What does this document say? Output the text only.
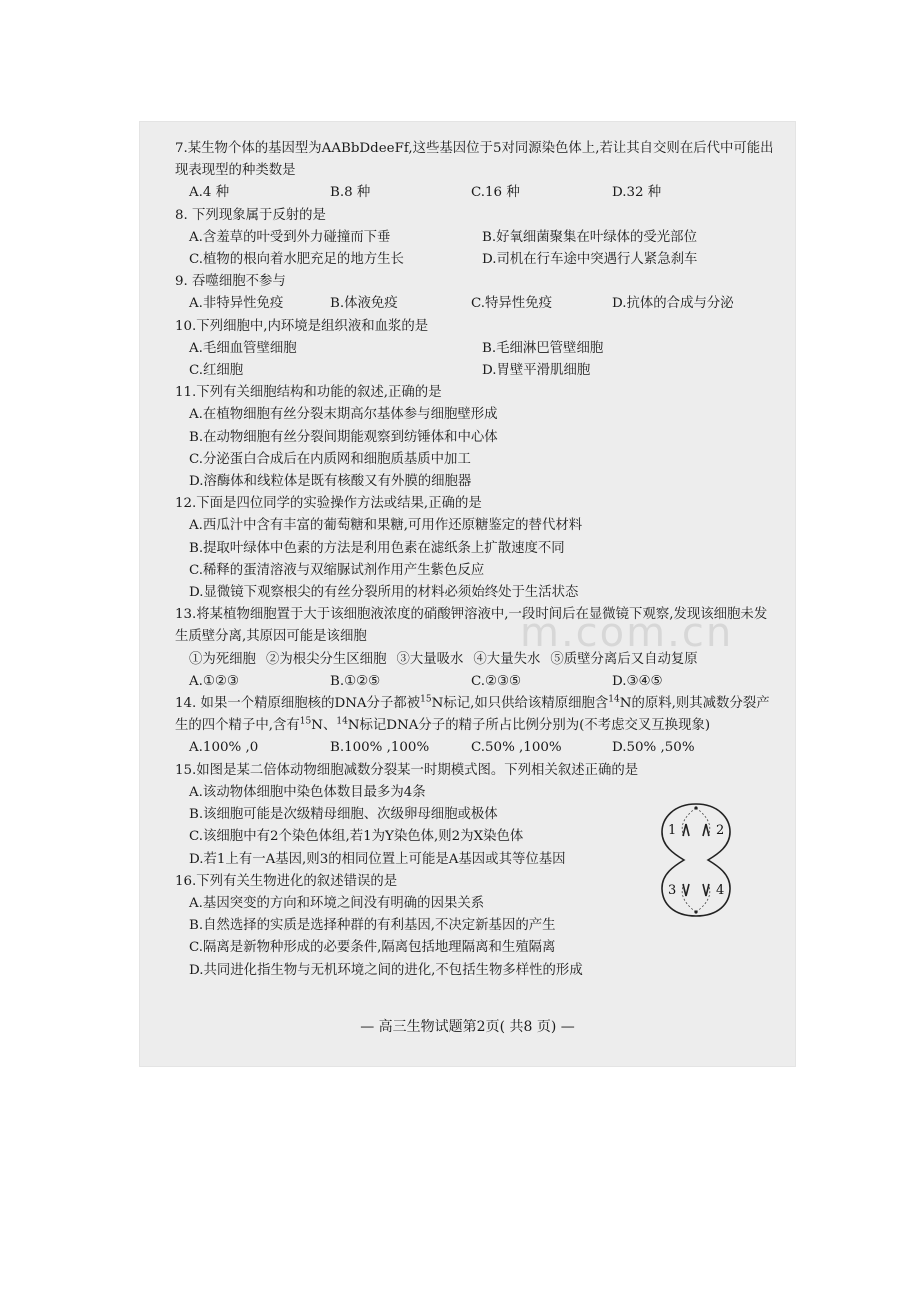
m.com.cn
7.某生物个体的基因型为AABbDdeeFf,这些基因位于5对同源染色体上,若让其自交则在后代中可能出现表现型的种类数是
A.4 种	B.8 种	C.16 种	D.32 种
8. 下列现象属于反射的是
A.含羞草的叶受到外力碰撞而下垂	B.好氧细菌聚集在叶绿体的受光部位
C.植物的根向着水肥充足的地方生长	D.司机在行车途中突遇行人紧急刹车
9. 吞噬细胞不参与
A.非特异性免疫	B.体液免疫	C.特异性免疫	D.抗体的合成与分泌
10.下列细胞中,内环境是组织液和血浆的是
A.毛细血管壁细胞	B.毛细淋巴管壁细胞
C.红细胞	D.胃壁平滑肌细胞
11.下列有关细胞结构和功能的叙述,正确的是
A.在植物细胞有丝分裂末期高尔基体参与细胞壁形成
B.在动物细胞有丝分裂间期能观察到纺锤体和中心体
C.分泌蛋白合成后在内质网和细胞质基质中加工
D.溶酶体和线粒体是既有核酸又有外膜的细胞器
12.下面是四位同学的实验操作方法或结果,正确的是
A.西瓜汁中含有丰富的葡萄糖和果糖,可用作还原糖鉴定的替代材料
B.提取叶绿体中色素的方法是利用色素在滤纸条上扩散速度不同
C.稀释的蛋清溶液与双缩脲试剂作用产生紫色反应
D.显微镜下观察根尖的有丝分裂所用的材料必须始终处于生活状态
13.将某植物细胞置于大于该细胞液浓度的硝酸钾溶液中,一段时间后在显微镜下观察,发现该细胞未发生质壁分离,其原因可能是该细胞
①为死细胞 ②为根尖分生区细胞 ③大量吸水 ④大量失水 ⑤质壁分离后又自动复原
A.①②③	B.①②⑤	C.②③⑤	D.③④⑤
14. 如果一个精原细胞核的DNA分子都被$^{15}$N标记,如只供给该精原细胞含$^{14}$N的原料,则其减数分裂产生的四个精子中,含有$^{15}$N、$^{14}$N标记DNA分子的精子所占比例分别为(不考虑交叉互换现象)
A.100% ,0	B.100% ,100%	C.50% ,100%	D.50% ,50%
15.如图是某二倍体动物细胞减数分裂某一时期模式图。下列相关叙述正确的是
A.该动物体细胞中染色体数目最多为4条
B.该细胞可能是次级精母细胞、次级卵母细胞或极体
C.该细胞中有2个染色体组,若1为Y染色体,则2为X染色体
D.若1上有一A基因,则3的相同位置上可能是A基因或其等位基因
16.下列有关生物进化的叙述错误的是
A.基因突变的方向和环境之间没有明确的因果关系
B.自然选择的实质是选择种群的有利基因,不决定新基因的产生
C.隔离是新物种形成的必要条件,隔离包括地理隔离和生殖隔离
D.共同进化指生物与无机环境之间的进化,不包括生物多样性的形成
1	2
3	4
— 高三生物试题第2页( 共8 页) —
